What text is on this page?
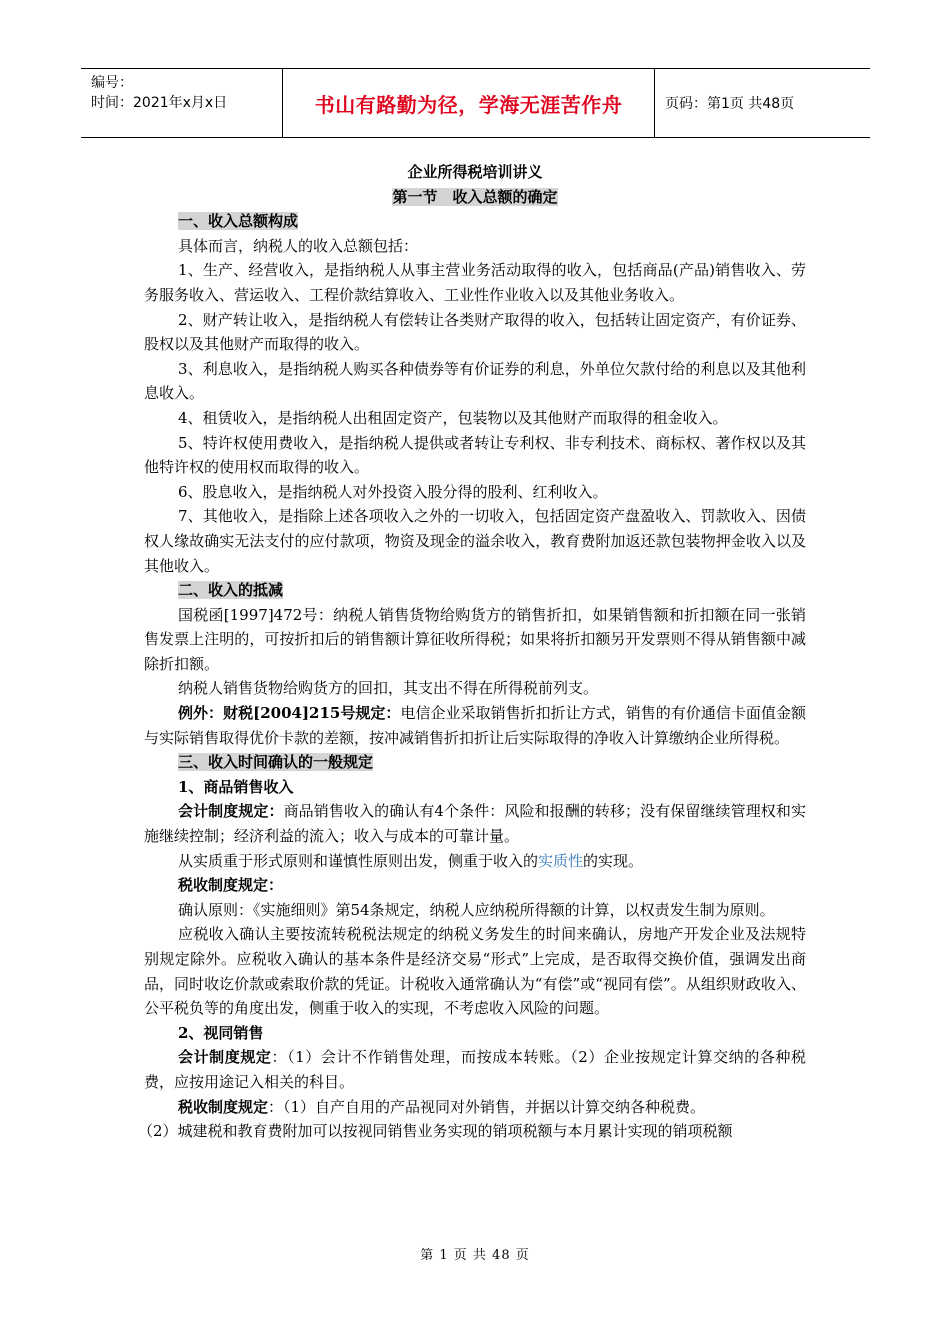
编号：
时间：2021年x月x日	书山有路勤为径，学海无涯苦作舟	页码：第1页 共48页

企业所得税培训讲义

第一节　收入总额的确定

一、收入总额构成

具体而言，纳税人的收入总额包括：

1、生产、经营收入，是指纳税人从事主营业务活动取得的收入，包括商品(产品)销售收入、劳务服务收入、营运收入、工程价款结算收入、工业性作业收入以及其他业务收入。

2、财产转让收入，是指纳税人有偿转让各类财产取得的收入，包括转让固定资产，有价证券、股权以及其他财产而取得的收入。

3、利息收入，是指纳税人购买各种债券等有价证券的利息，外单位欠款付给的利息以及其他利息收入。

4、租赁收入，是指纳税人出租固定资产，包装物以及其他财产而取得的租金收入。

5、特许权使用费收入，是指纳税人提供或者转让专利权、非专利技术、商标权、著作权以及其他特许权的使用权而取得的收入。

6、股息收入，是指纳税人对外投资入股分得的股利、红利收入。

7、其他收入，是指除上述各项收入之外的一切收入，包括固定资产盘盈收入、罚款收入、因债权人缘故确实无法支付的应付款项，物资及现金的溢余收入，教育费附加返还款包装物押金收入以及其他收入。

二、收入的抵减

国税函[1997]472号：纳税人销售货物给购货方的销售折扣，如果销售额和折扣额在同一张销售发票上注明的，可按折扣后的销售额计算征收所得税；如果将折扣额另开发票则不得从销售额中减除折扣额。

纳税人销售货物给购货方的回扣，其支出不得在所得税前列支。

例外：财税[2004]215号规定：电信企业采取销售折扣折让方式，销售的有价通信卡面值金额与实际销售取得优价卡款的差额，按冲减销售折扣折让后实际取得的净收入计算缴纳企业所得税。

三、收入时间确认的一般规定

1、商品销售收入

会计制度规定：商品销售收入的确认有4个条件：风险和报酬的转移；没有保留继续管理权和实施继续控制；经济利益的流入；收入与成本的可靠计量。

从实质重于形式原则和谨慎性原则出发，侧重于收入的实质性的实现。

税收制度规定：

确认原则：《实施细则》第54条规定，纳税人应纳税所得额的计算，以权责发生制为原则。

应税收入确认主要按流转税税法规定的纳税义务发生的时间来确认，房地产开发企业及法规特别规定除外。应税收入确认的基本条件是经济交易“形式”上完成，是否取得交换价值，强调发出商品，同时收讫价款或索取价款的凭证。计税收入通常确认为“有偿”或“视同有偿”。从组织财政收入、公平税负等的角度出发，侧重于收入的实现，不考虑收入风险的问题。

2、视同销售

会计制度规定：（1）会计不作销售处理，而按成本转账。（2）企业按规定计算交纳的各种税费，应按用途记入相关的科目。

税收制度规定：（1）自产自用的产品视同对外销售，并据以计算交纳各种税费。

（2）城建税和教育费附加可以按视同销售业务实现的销项税额与本月累计实现的销项税额

第 1 页 共 48 页
